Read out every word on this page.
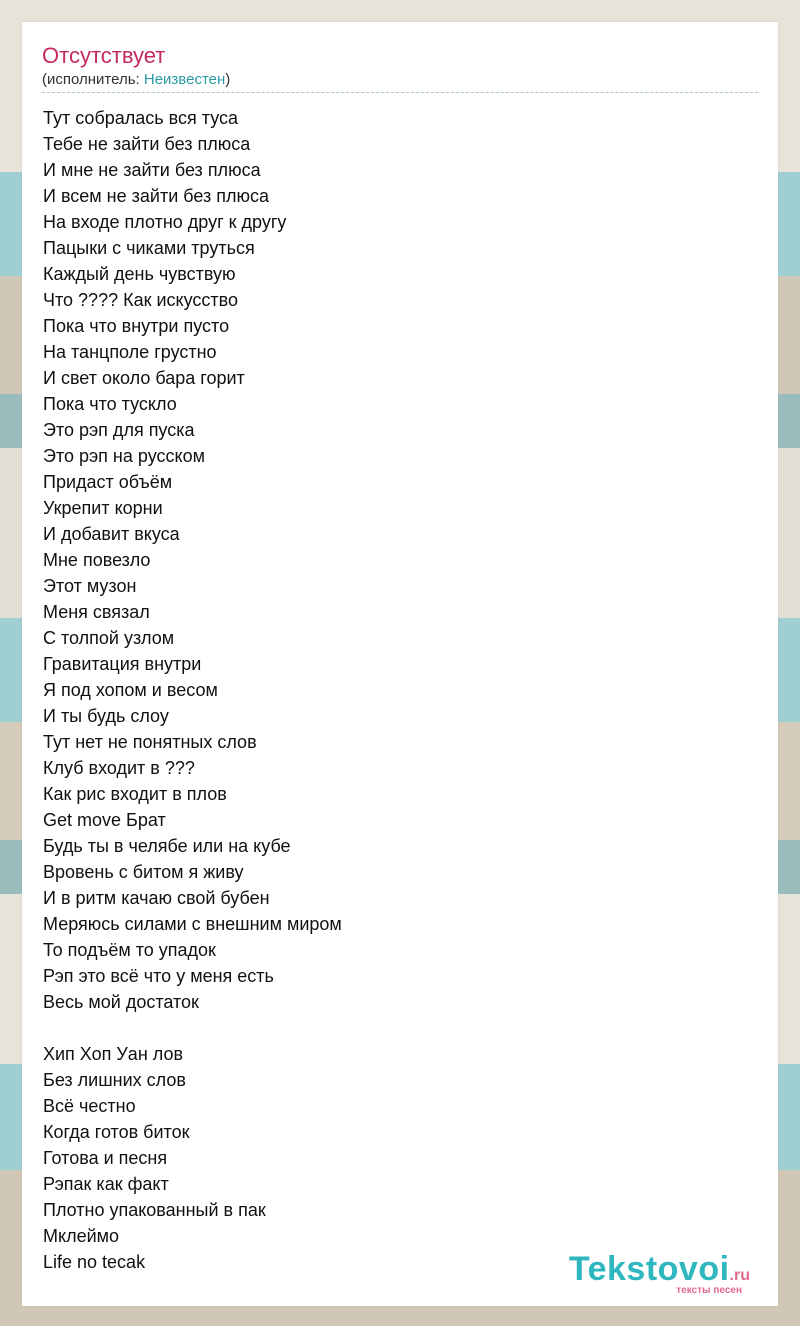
Отсутствует
(исполнитель: Неизвестен)
Тут собралась вся туса
Тебе не зайти без плюса
И мне не зайти без плюса
И всем не зайти без плюса
На входе плотно друг к другу
Пацыки с чиками труться
Каждый день чувствую
Что ???? Как искусство
Пока что внутри пусто
На танцполе грустно
И свет около бара горит
Пока что тускло
Это рэп для пуска
Это рэп на русском
Придаст объём
Укрепит корни
И добавит вкуса
Мне повезло
Этот музон
Меня связал
С толпой узлом
Гравитация внутри
Я под хопом и весом
И ты будь слоу
Тут нет не понятных слов
Клуб входит в ???
Как рис входит в плов
Get move Брат
Будь ты в челябе или на кубе
Вровень с битом я живу
И в ритм качаю свой бубен
Меряюсь силами с внешним миром
То подъём то упадок
Рэп это всё что у меня есть
Весь мой достаток
Хип Хоп Уан лов
Без лишних слов
Всё честно
Когда готов биток
Готова и песня
Рэпак как факт
Плотно упакованный в пак
Мклеймо
Life no tecak	Tekstovoi.ru
тексты песен
